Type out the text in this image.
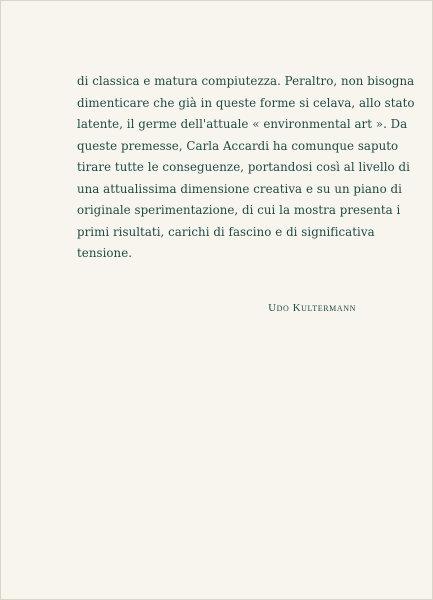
di classica e matura compiutezza. Peraltro, non bisogna
dimenticare che già in queste forme si celava, allo stato
latente, il germe dell'attuale « environmental art ». Da
queste premesse, Carla Accardi ha comunque saputo
tirare tutte le conseguenze, portandosi così al livello di
una attualissima dimensione creativa e su un piano di
originale sperimentazione, di cui la mostra presenta i
primi risultati, carichi di fascino e di significativa
tensione.
Udo Kultermann
